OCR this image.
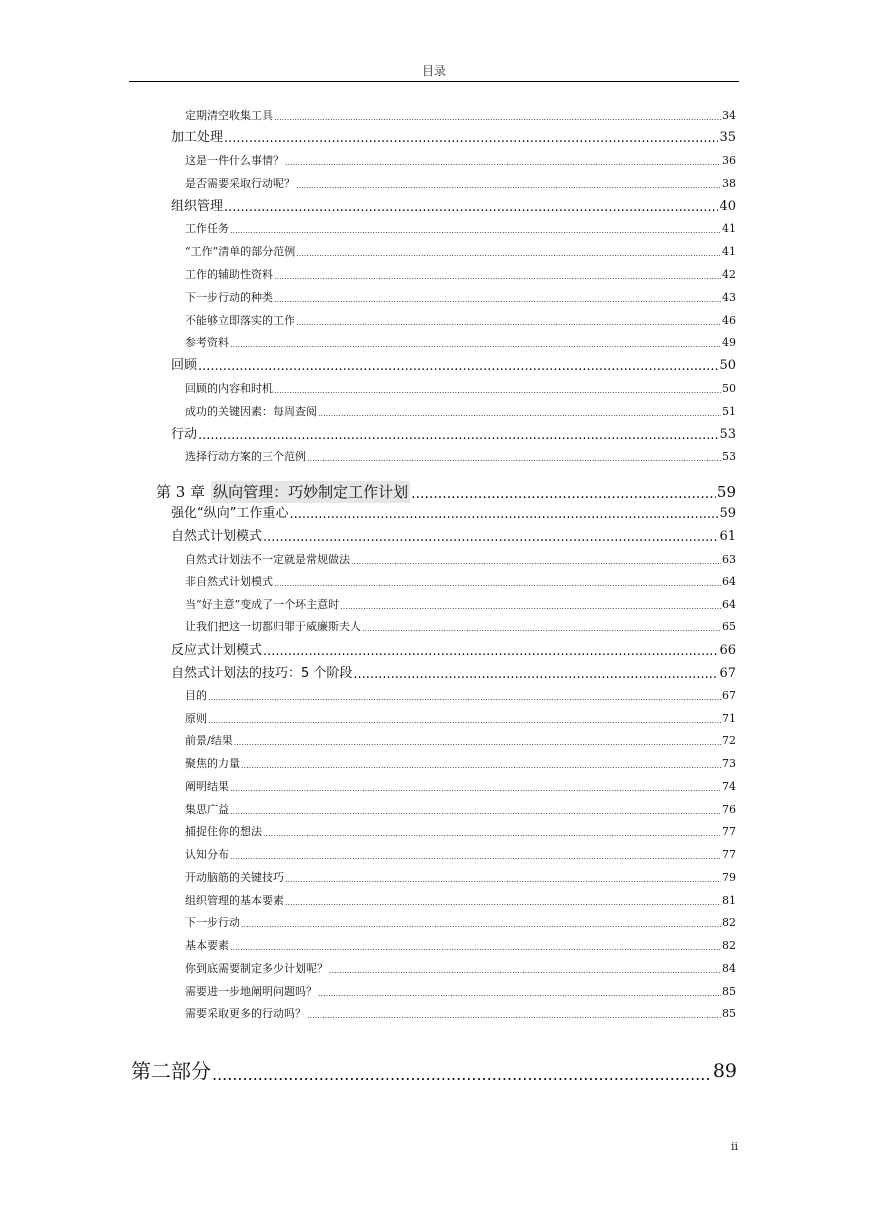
目录
定期清空收集工具 .....	34
加工处理 .....	35
这是一件什么事情？ .....	36
是否需要采取行动呢？ .....	38
组织管理 .....	40
工作任务 .....	41
“工作”清单的部分范例 .....	41
工作的辅助性资料 .....	42
下一步行动的种类 .....	43
不能够立即落实的工作 .....	46
参考资料 .....	49
回顾 .....	50
回顾的内容和时机 .....	50
成功的关键因素：每周查阅 .....	51
行动 .....	53
选择行动方案的三个范例 .....	53
第 3 章 纵向管理：巧妙制定工作计划 .....	59
强化“纵向”工作重心 .....	59
自然式计划模式 .....	61
自然式计划法不一定就是常规做法 .....	63
非自然式计划模式 .....	64
当“好主意”变成了一个坏主意时 .....	64
让我们把这一切都归罪于威廉斯夫人 .....	65
反应式计划模式 .....	66
自然式计划法的技巧：5 个阶段 .....	67
目的 .....	67
原则 .....	71
前景/结果 .....	72
聚焦的力量 .....	73
阐明结果 .....	74
集思广益 .....	76
捕捉住你的想法 .....	77
认知分布 .....	77
开动脑筋的关键技巧 .....	79
组织管理的基本要素 .....	81
下一步行动 .....	82
基本要素 .....	82
你到底需要制定多少计划呢？ .....	84
需要进一步地阐明问题吗？ .....	85
需要采取更多的行动吗？ .....	85
第二部分 .....	89
ii
